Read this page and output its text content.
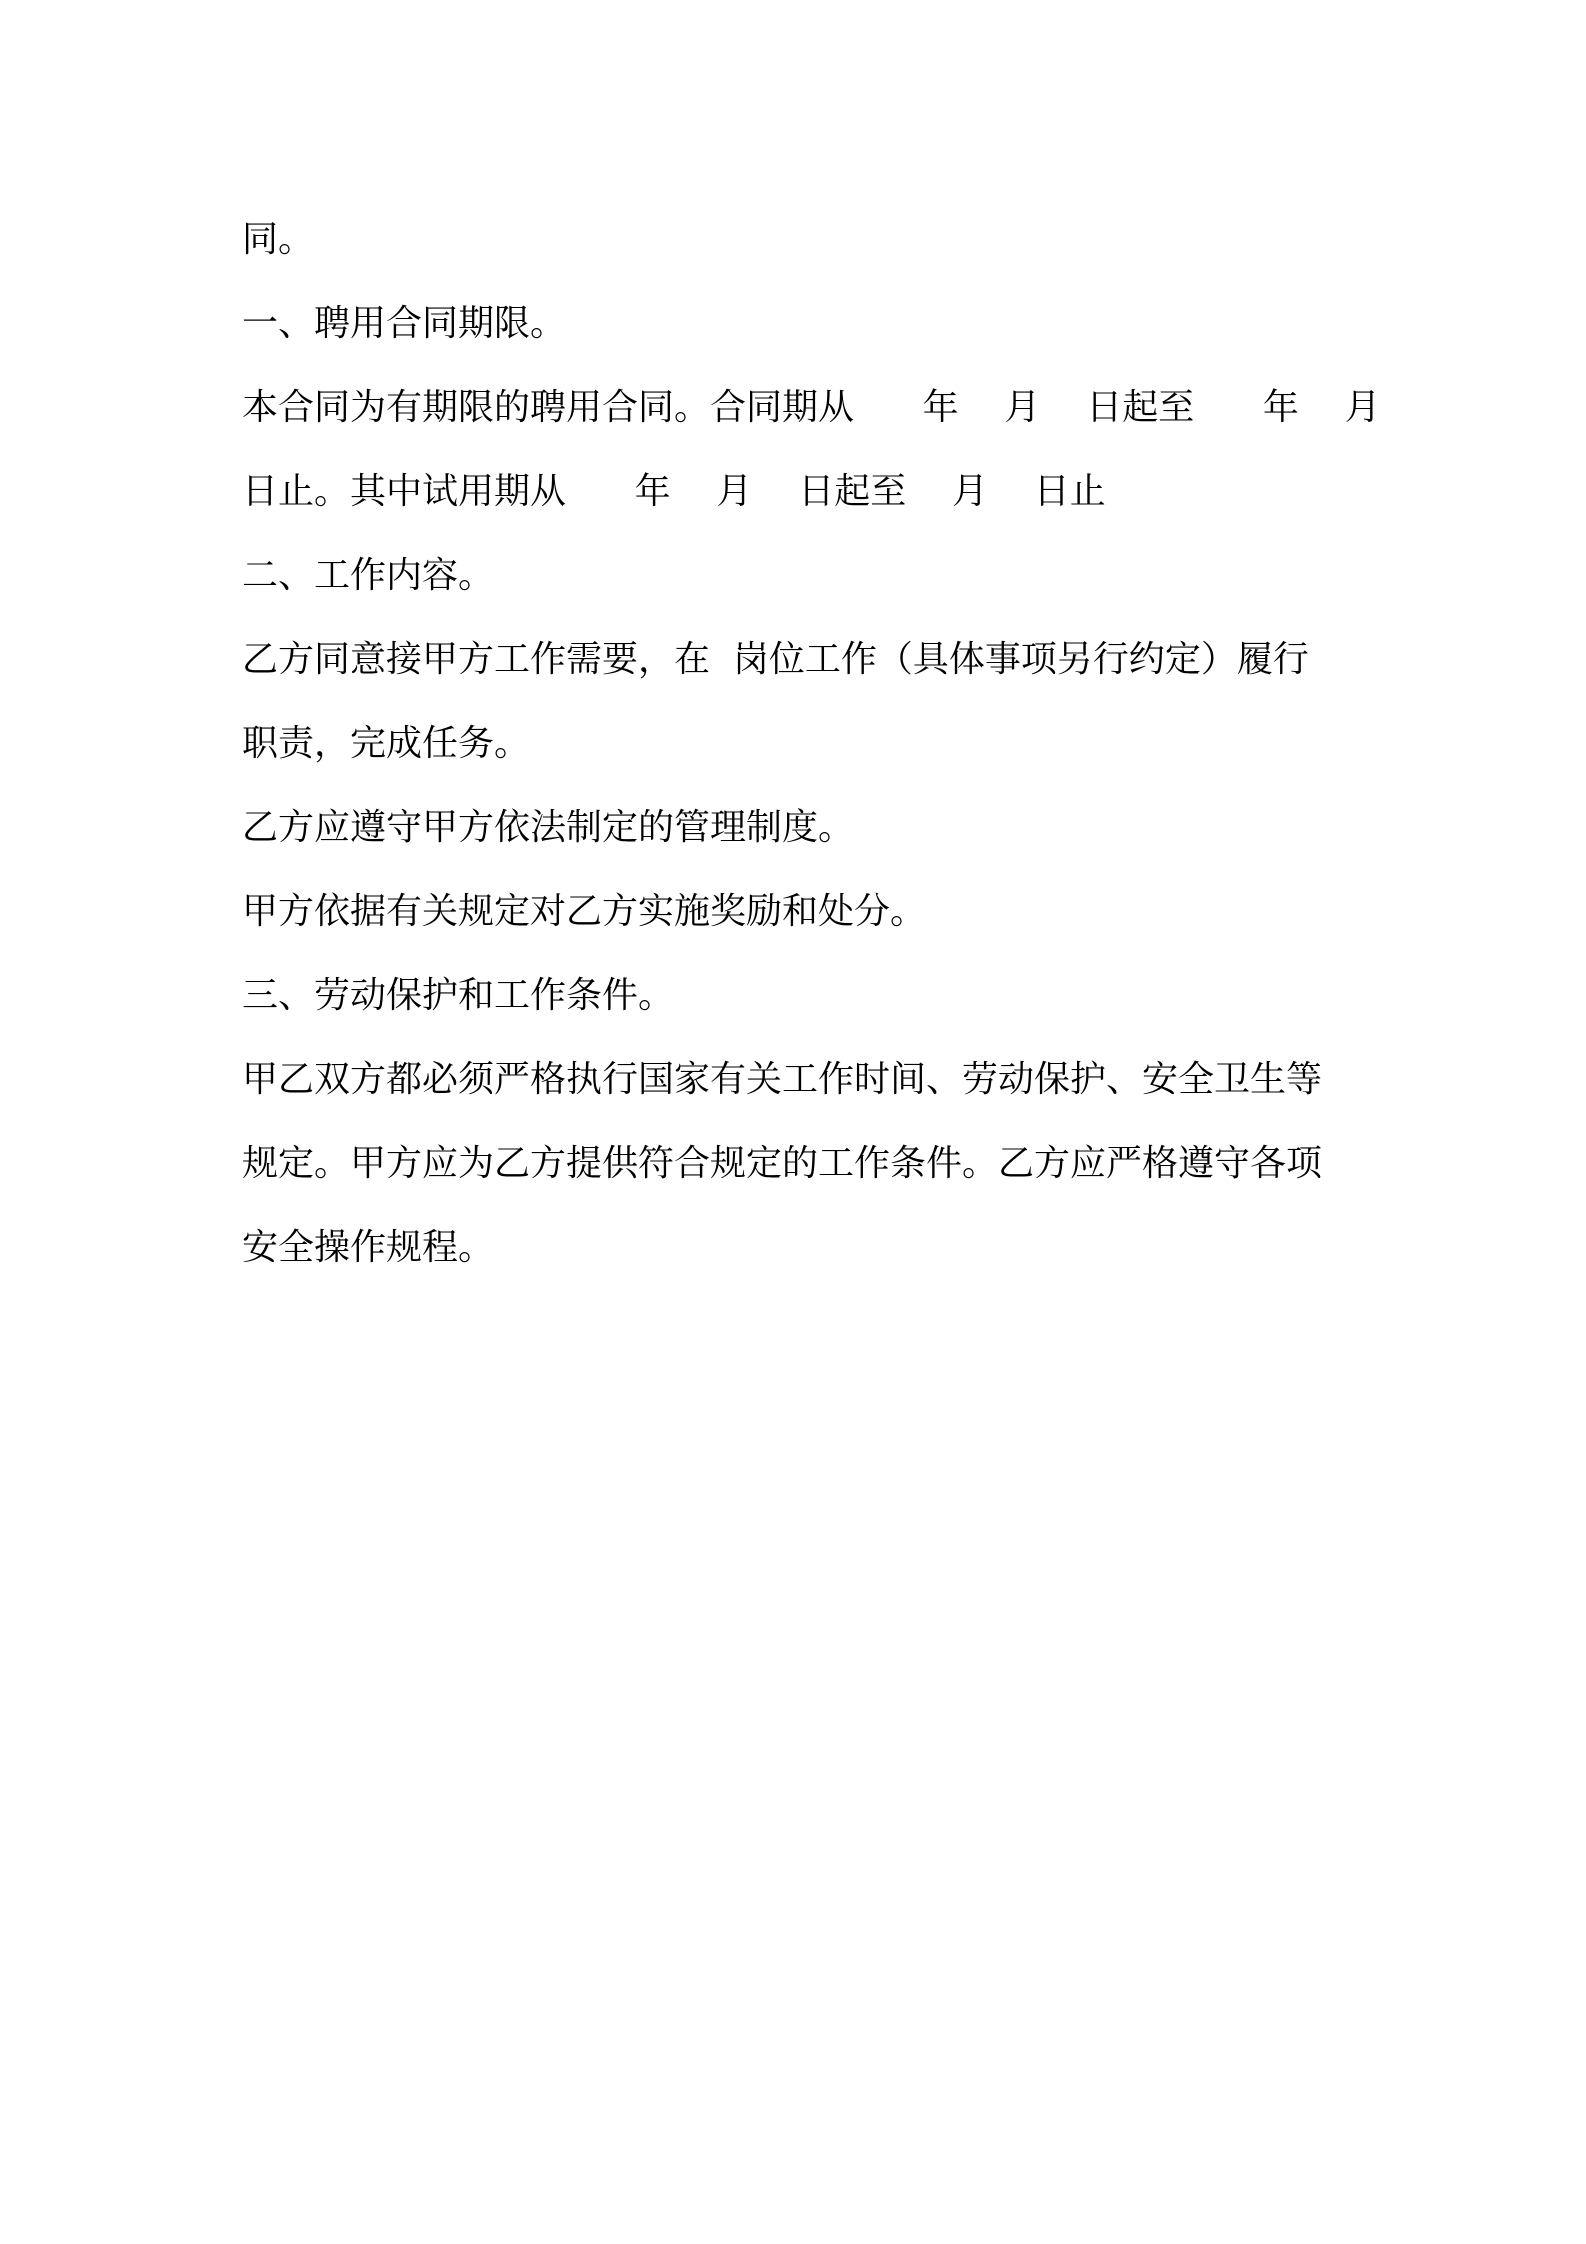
同。
一、聘用合同期限。
本合同为有期限的聘用合同。合同期从      年    月    日起至      年    月
日止。其中试用期从      年    月    日起至    月    日止
二、工作内容。
乙方同意接甲方工作需要，在  岗位工作（具体事项另行约定）履行
职责，完成任务。
乙方应遵守甲方依法制定的管理制度。
甲方依据有关规定对乙方实施奖励和处分。
三、劳动保护和工作条件。
甲乙双方都必须严格执行国家有关工作时间、劳动保护、安全卫生等
规定。甲方应为乙方提供符合规定的工作条件。乙方应严格遵守各项
安全操作规程。
